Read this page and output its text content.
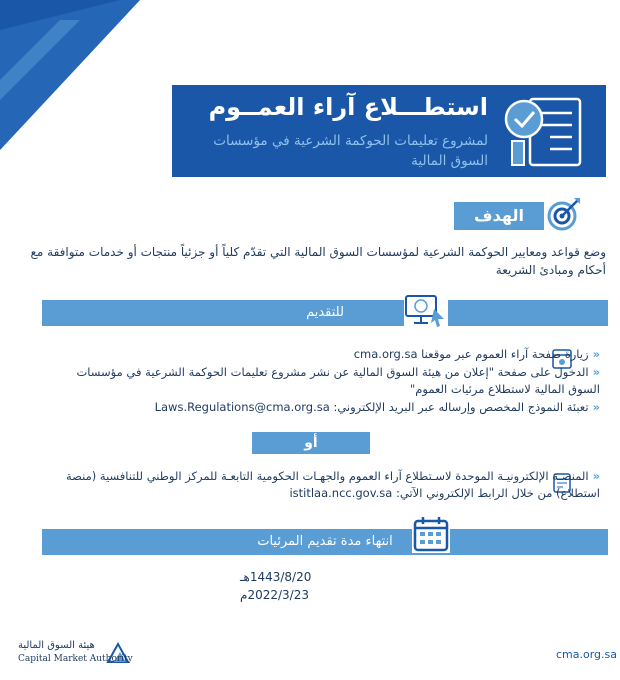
استطـــلاع آراء العمــوم
لمشروع تعليمات الحوكمة الشرعية في مؤسسات السوق المالية
الهدف
وضع قواعد ومعايير الحوكمة الشرعية لمؤسسات السوق المالية التي تقدّم كلياً أو جزئياً منتجات أو خدمات متوافقة مع أحكام ومبادئ الشريعة
للتقديم
«زيارة صفحة آراء العموم عبر موقعنا cma.org.sa
«الدخول على صفحة "إعلان من هيئة السوق المالية عن نشر مشروع تعليمات الحوكمة الشرعية في مؤسسات السوق المالية لاستطلاع مرئيات العموم"
«تعبئة النموذج المخصص وإرساله عبر البريد الإلكتروني: Laws.Regulations@cma.org.sa
أو
«المنصـة الإلكترونيـة الموحدة لاسـتطلاع آراء العموم والجهـات الحكومية التابعـة للمركز الوطني للتنافسية (منصة استطلاع) من خلال الرابط الإلكتروني الآتي: istitlaa.ncc.gov.sa
انتهاء مدة تقديم المرئيات
1443/8/20هـ
2022/3/23م
cma.org.sa
هيئة السوق المالية
Capital Market Authority
